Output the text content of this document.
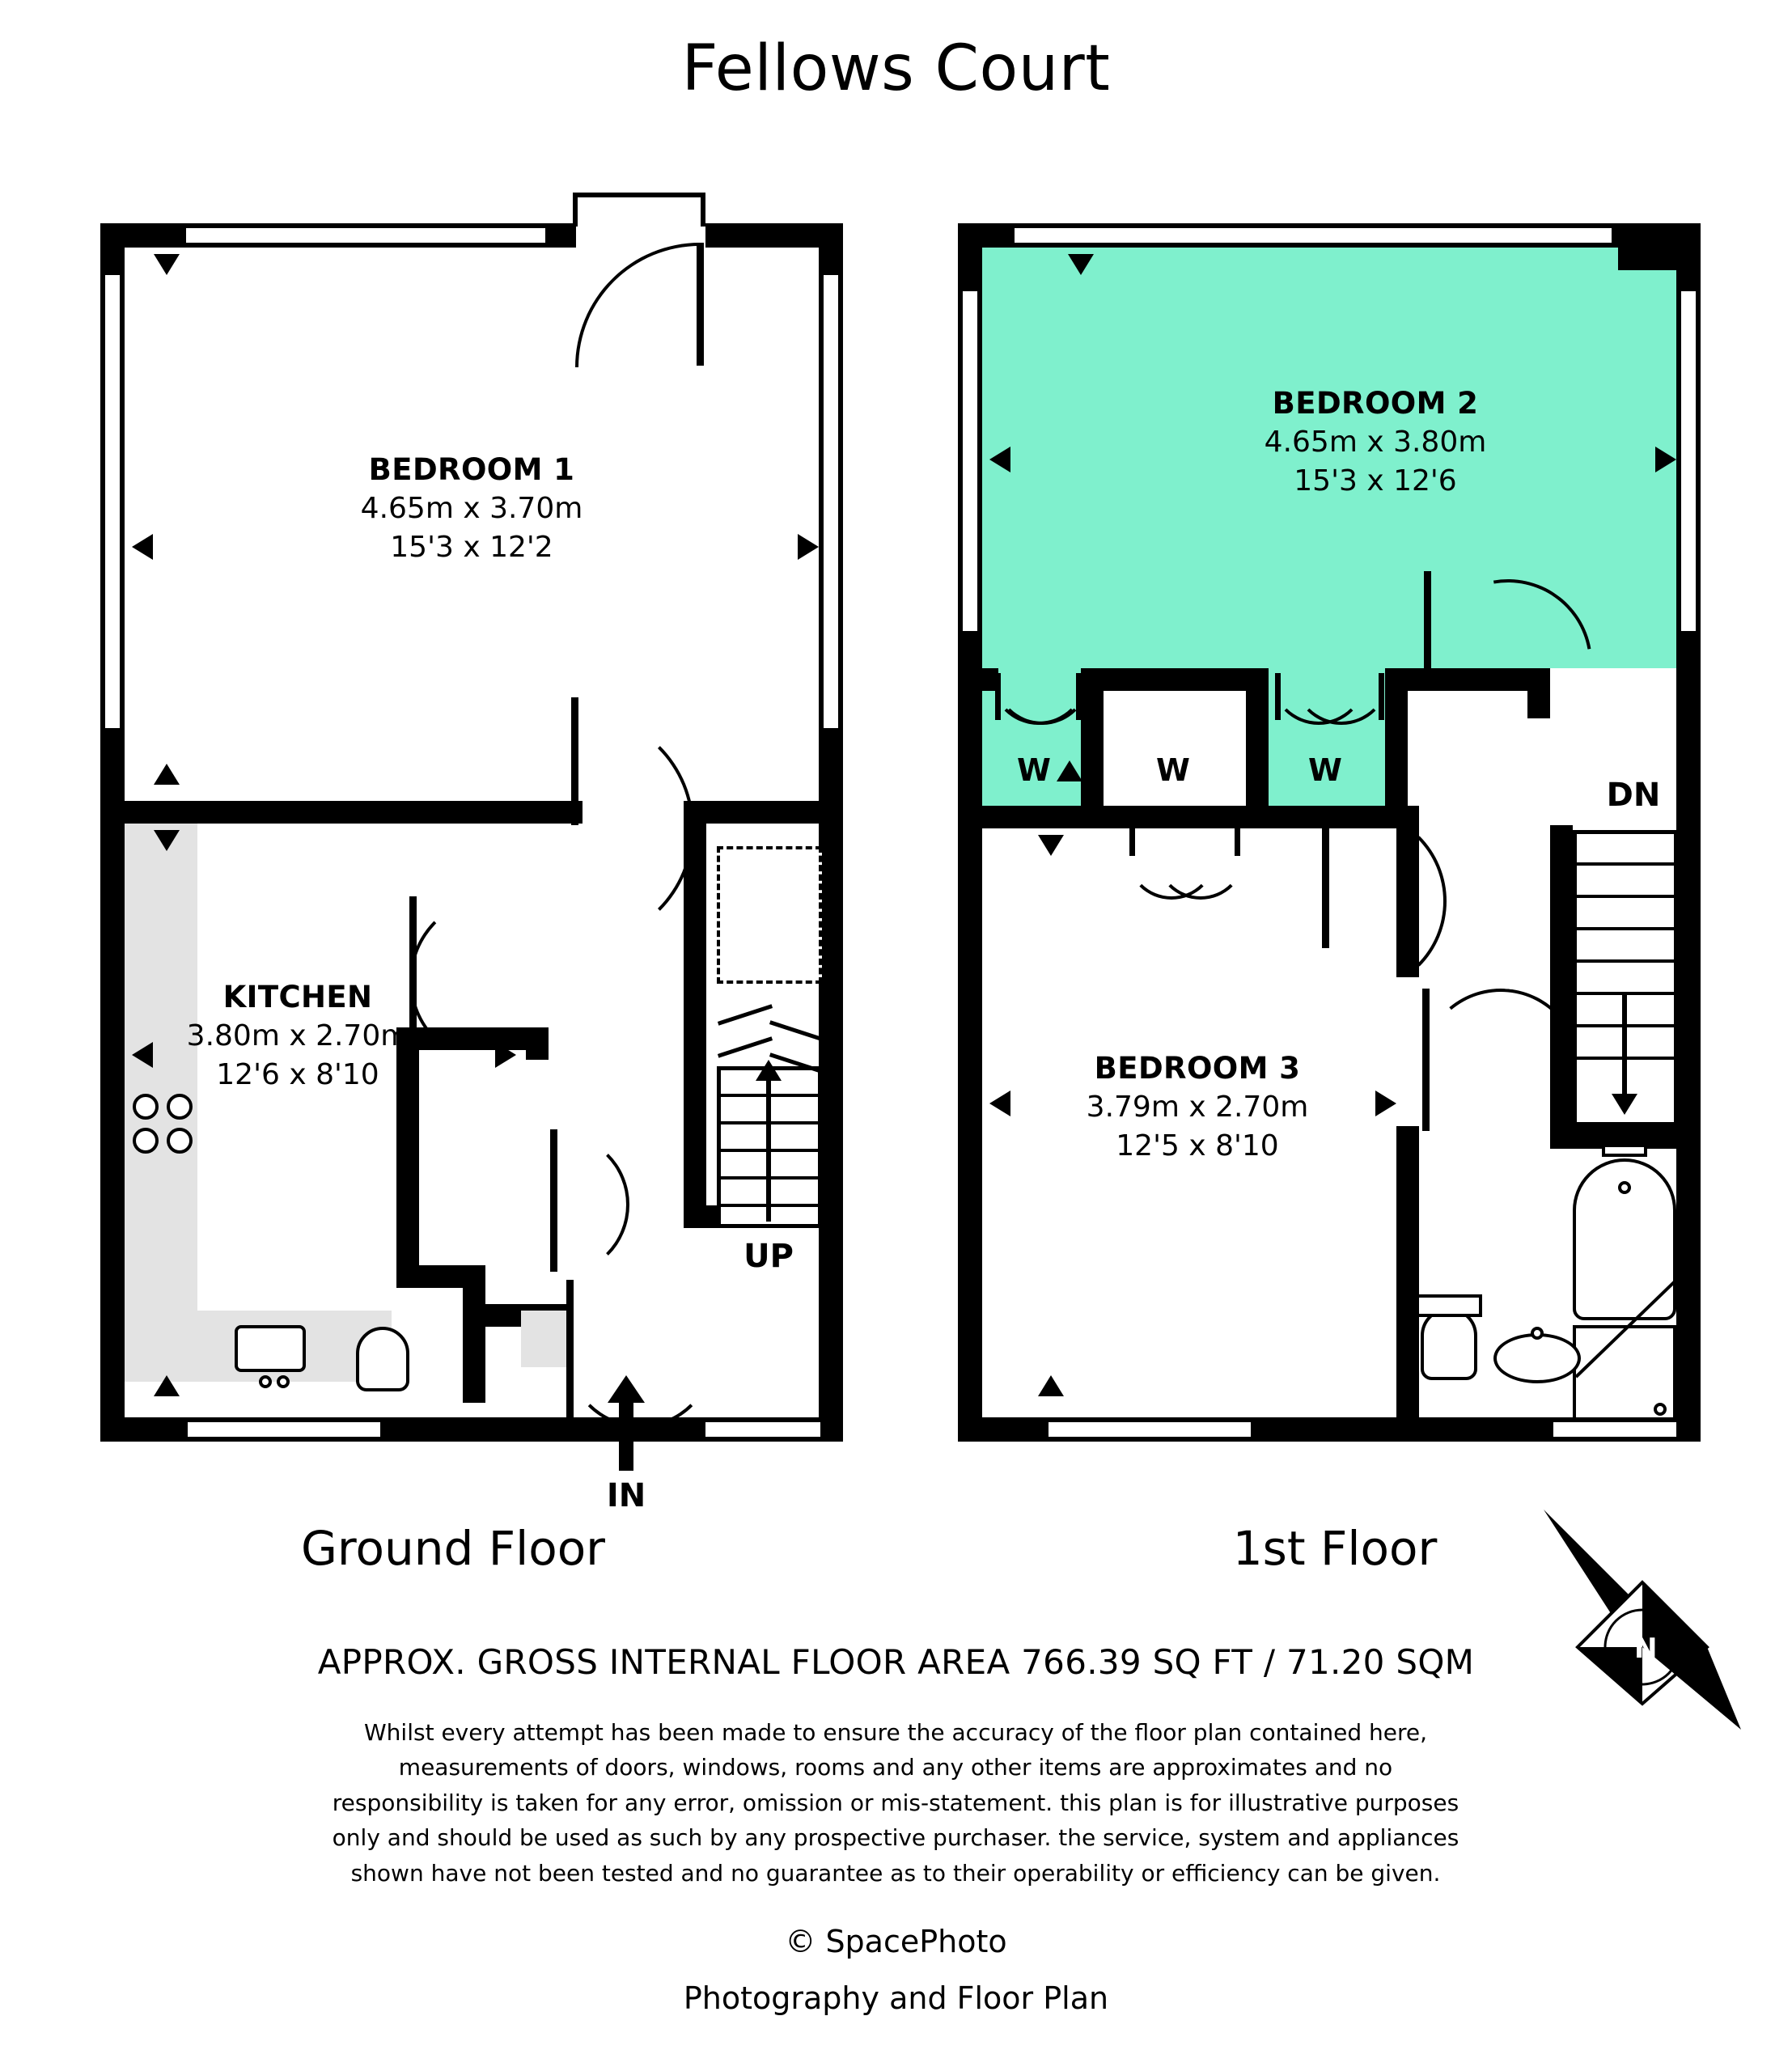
Fellows Court
BEDROOM 1
4.65m x 3.70m
15'3 x 12'2
KITCHEN
3.80m x 2.70m
12'6 x 8'10
UP
IN
Ground Floor
DN
BEDROOM 2
4.65m x 3.80m
15'3 x 12'6
BEDROOM 3
3.79m x 2.70m
12'5 x 8'10
W	W	W
1st Floor
N
APPROX. GROSS INTERNAL FLOOR AREA 766.39 SQ FT / 71.20 SQM
Whilst every attempt has been made to ensure the accuracy of the floor plan contained here,
measurements of doors, windows, rooms and any other items are approximates and no
responsibility is taken for any error, omission or mis-statement. this plan is for illustrative purposes
only and should be used as such by any prospective purchaser. the service, system and appliances
shown have not been tested and no guarantee as to their operability or efficiency can be given.
© SpacePhoto
Photography and Floor Plan
